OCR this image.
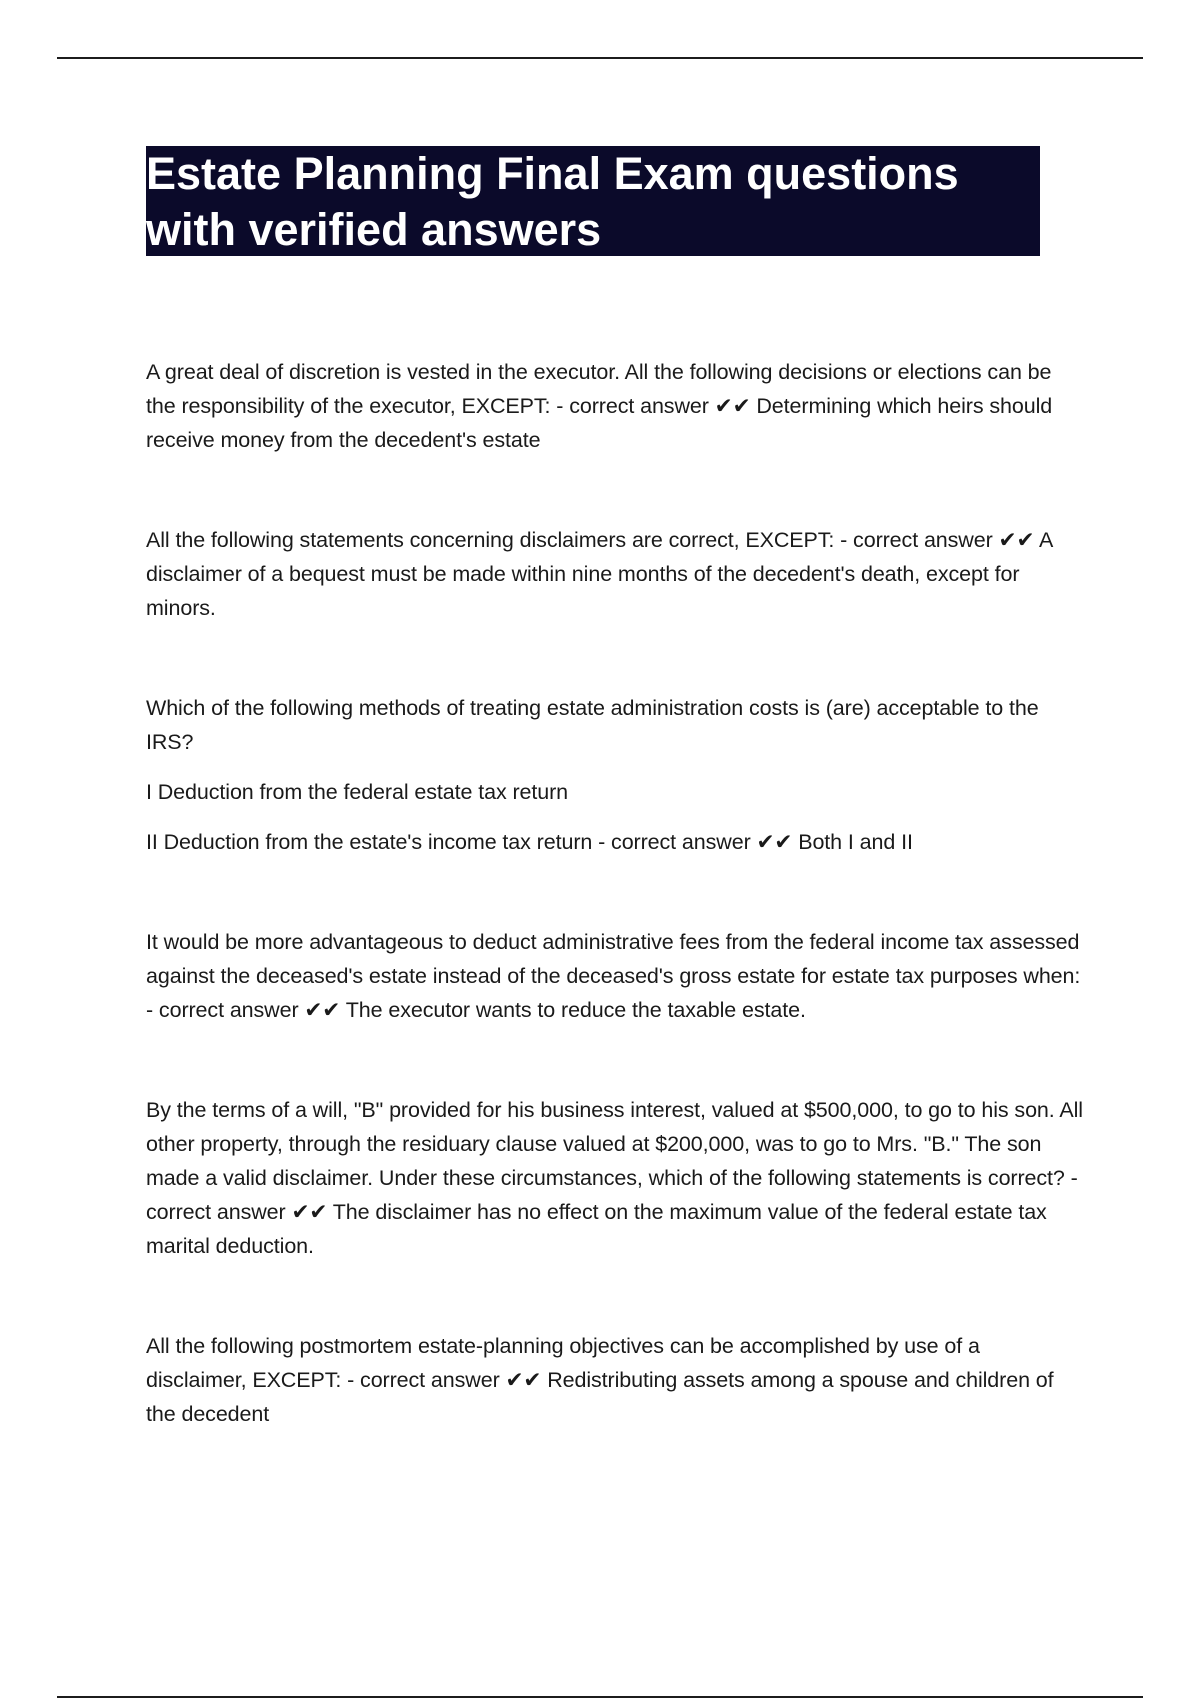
Estate Planning Final Exam questions with verified answers

A great deal of discretion is vested in the executor. All the following decisions or elections can be the responsibility of the executor, EXCEPT: - correct answer ✔✔ Determining which heirs should receive money from the decedent's estate

All the following statements concerning disclaimers are correct, EXCEPT: - correct answer ✔✔ A disclaimer of a bequest must be made within nine months of the decedent's death, except for minors.

Which of the following methods of treating estate administration costs is (are) acceptable to the IRS?

I Deduction from the federal estate tax return

II Deduction from the estate's income tax return - correct answer ✔✔ Both I and II

It would be more advantageous to deduct administrative fees from the federal income tax assessed against the deceased's estate instead of the deceased's gross estate for estate tax purposes when: - correct answer ✔✔ The executor wants to reduce the taxable estate.

By the terms of a will, "B" provided for his business interest, valued at $500,000, to go to his son. All other property, through the residuary clause valued at $200,000, was to go to Mrs. "B." The son made a valid disclaimer. Under these circumstances, which of the following statements is correct? - correct answer ✔✔ The disclaimer has no effect on the maximum value of the federal estate tax marital deduction.

All the following postmortem estate-planning objectives can be accomplished by use of a disclaimer, EXCEPT: - correct answer ✔✔ Redistributing assets among a spouse and children of the decedent
